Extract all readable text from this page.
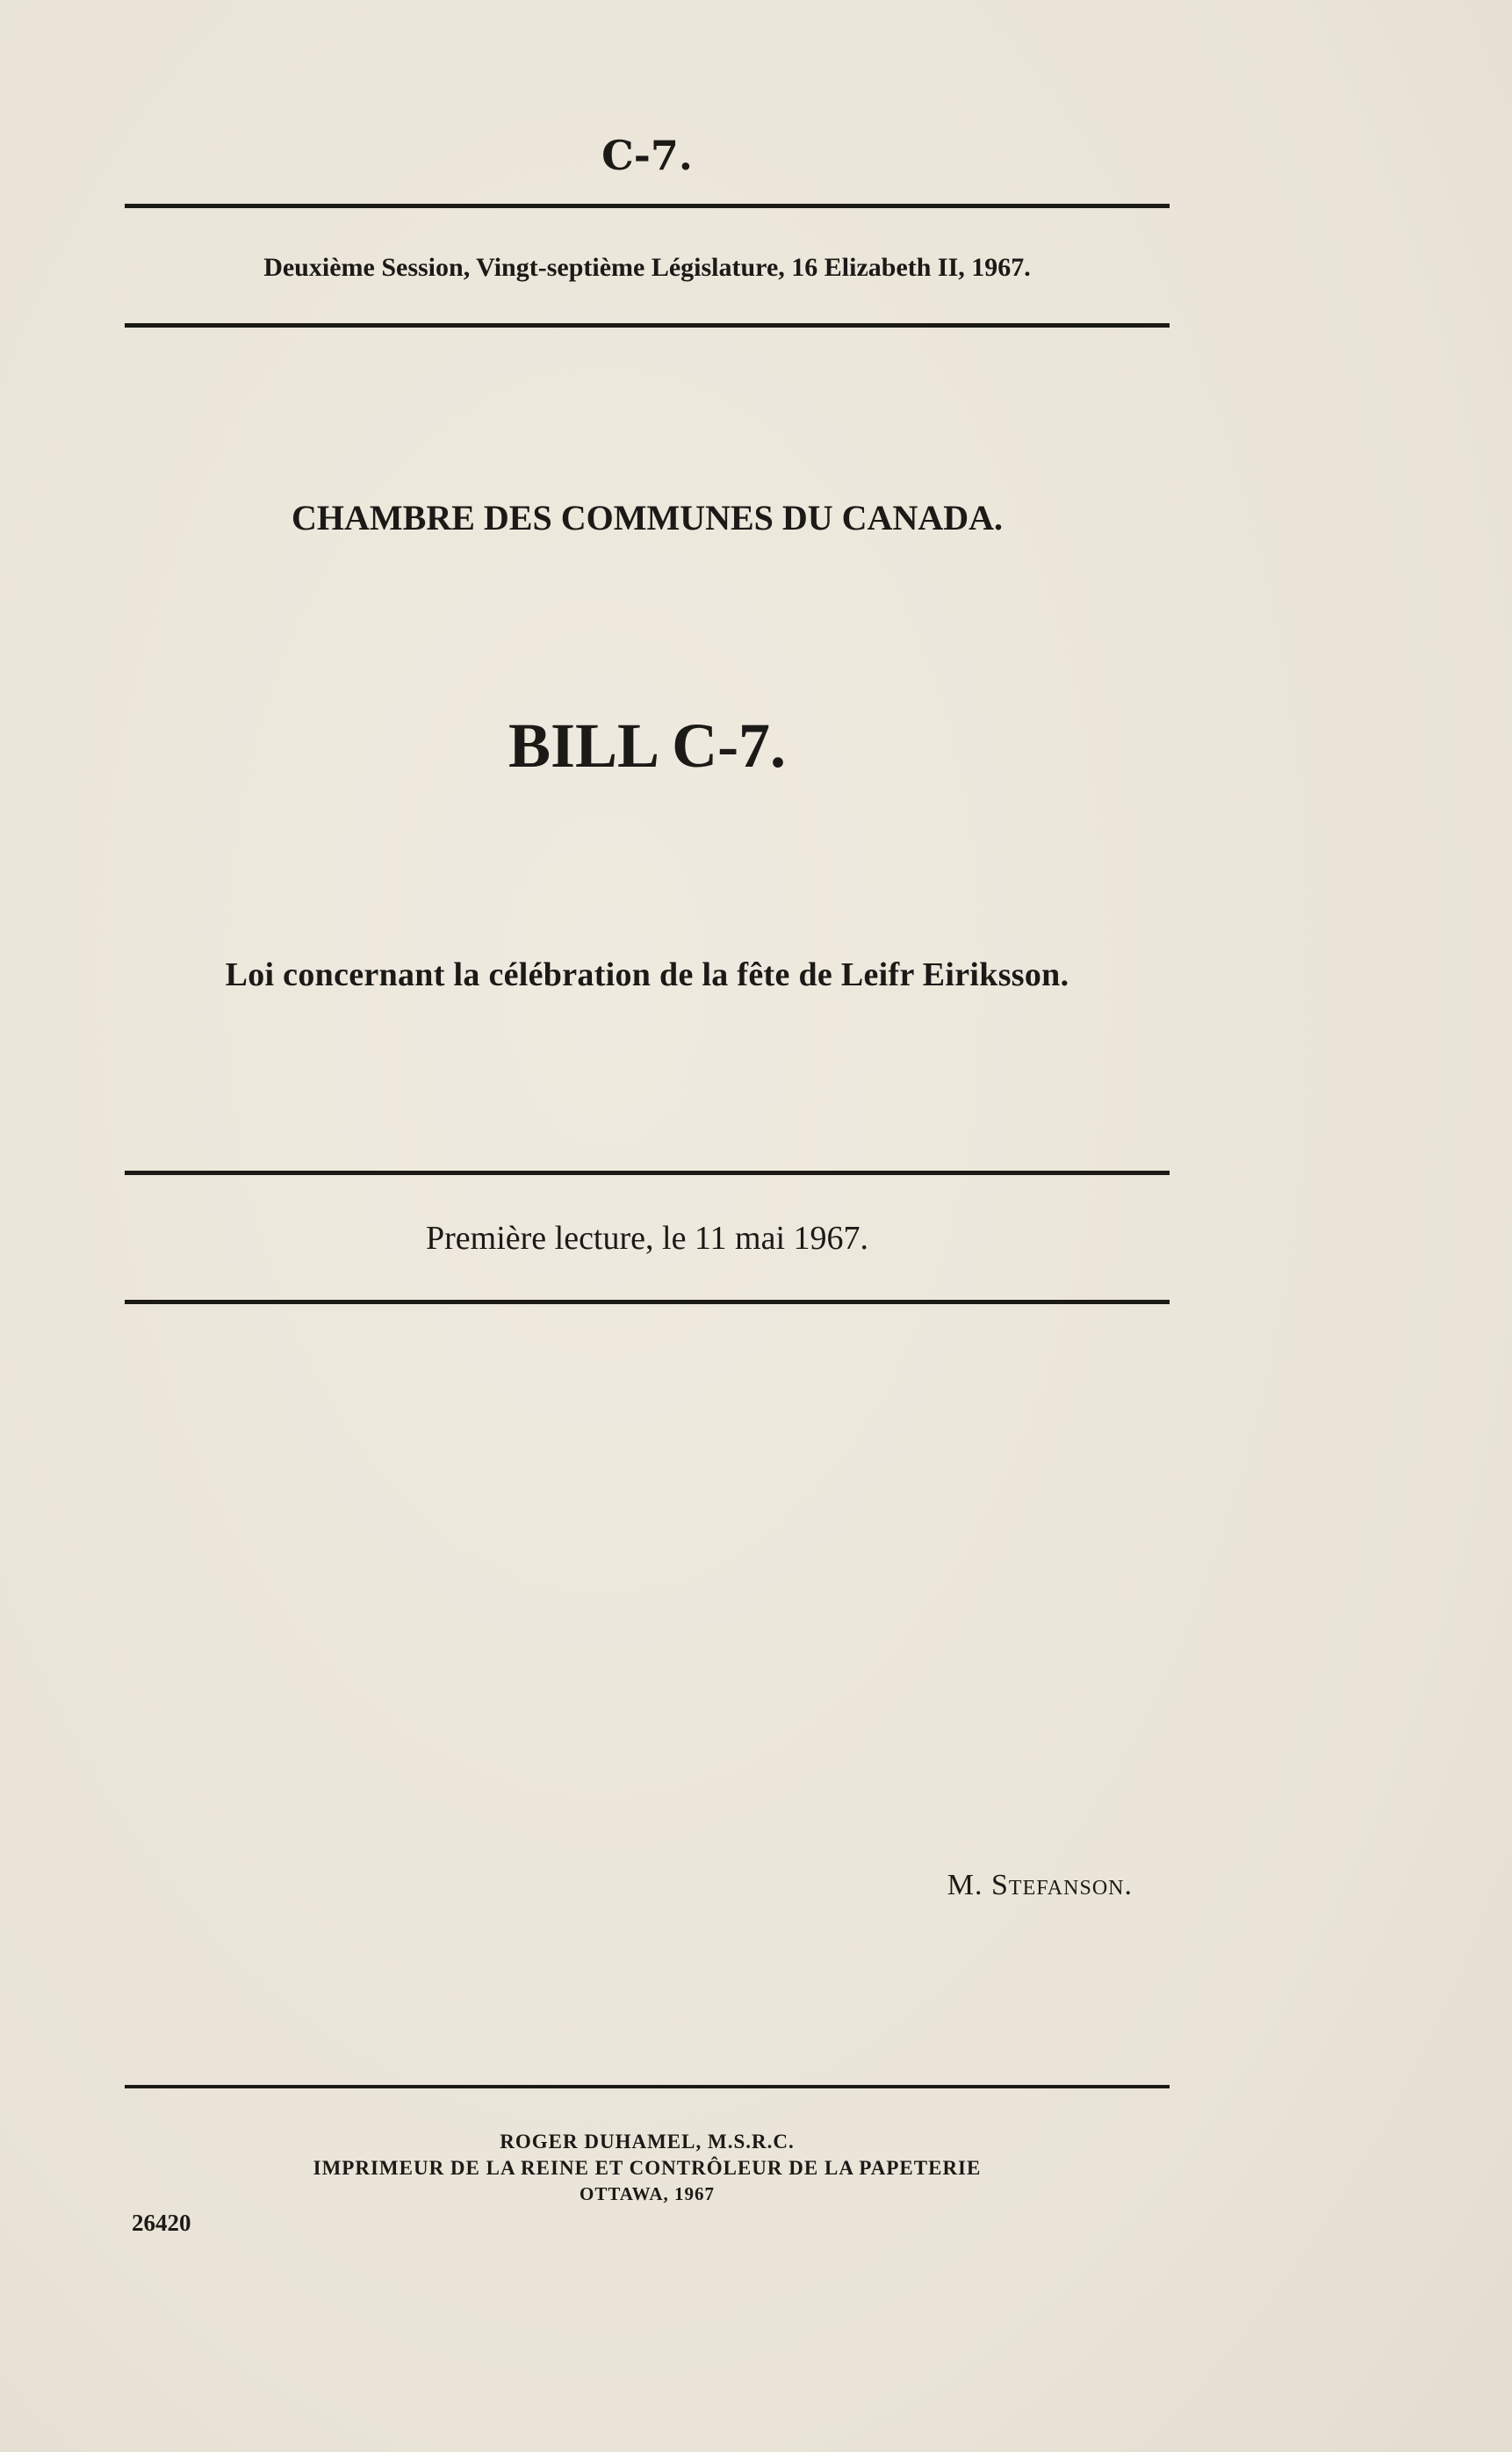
C-7.
Deuxième Session, Vingt-septième Législature, 16 Elizabeth II, 1967.
CHAMBRE DES COMMUNES DU CANADA.
BILL C-7.
Loi concernant la célébration de la fête de Leifr Eiriksson.
Première lecture, le 11 mai 1967.
M. Stefanson.
ROGER DUHAMEL, M.S.R.C.
IMPRIMEUR DE LA REINE ET CONTRÔLEUR DE LA PAPETERIE
OTTAWA, 1967
26420
